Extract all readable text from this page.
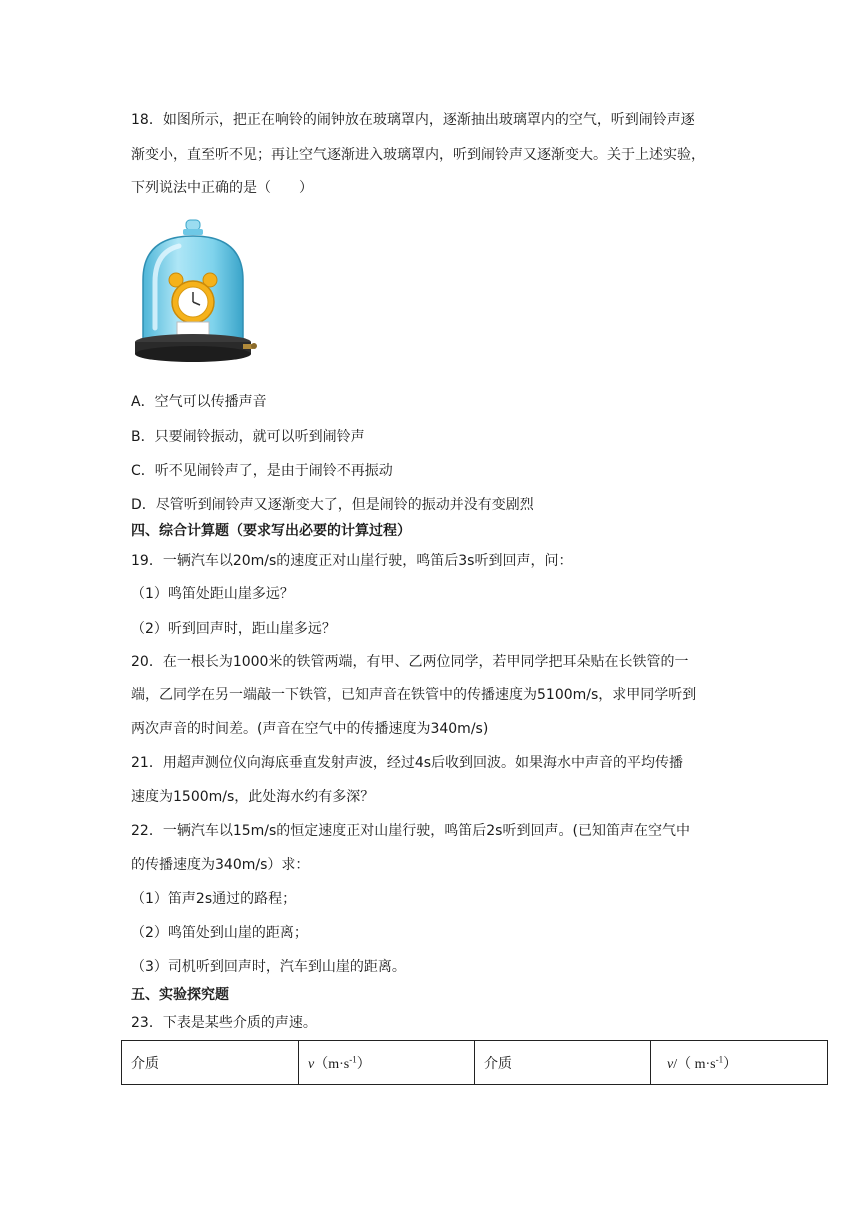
18．如图所示，把正在响铃的闹钟放在玻璃罩内，逐渐抽出玻璃罩内的空气，听到闹铃声逐
渐变小，直至听不见；再让空气逐渐进入玻璃罩内，听到闹铃声又逐渐变大。关于上述实验，
下列说法中正确的是（　　）
A．空气可以传播声音
B．只要闹铃振动，就可以听到闹铃声
C．听不见闹铃声了，是由于闹铃不再振动
D．尽管听到闹铃声又逐渐变大了，但是闹铃的振动并没有变剧烈
四、综合计算题（要求写出必要的计算过程）
19．一辆汽车以20m/s的速度正对山崖行驶，鸣笛后3s听到回声，问：
（1）鸣笛处距山崖多远？
（2）听到回声时，距山崖多远？
20．在一根长为1000米的铁管两端，有甲、乙两位同学，若甲同学把耳朵贴在长铁管的一
端，乙同学在另一端敲一下铁管，已知声音在铁管中的传播速度为5100m/s，求甲同学听到
两次声音的时间差。(声音在空气中的传播速度为340m/s)
21．用超声测位仪向海底垂直发射声波，经过4s后收到回波。如果海水中声音的平均传播
速度为1500m/s，此处海水约有多深？
22．一辆汽车以15m/s的恒定速度正对山崖行驶，鸣笛后2s听到回声。(已知笛声在空气中
的传播速度为340m/s）求：
（1）笛声2s通过的路程；
（2）鸣笛处到山崖的距离；
（3）司机听到回声时，汽车到山崖的距离。
五、实验探究题
23．下表是某些介质的声速。
介质	$v(m\cdot s^{-1})$	介质	v/（ $m\cdot s^{-1}$）
